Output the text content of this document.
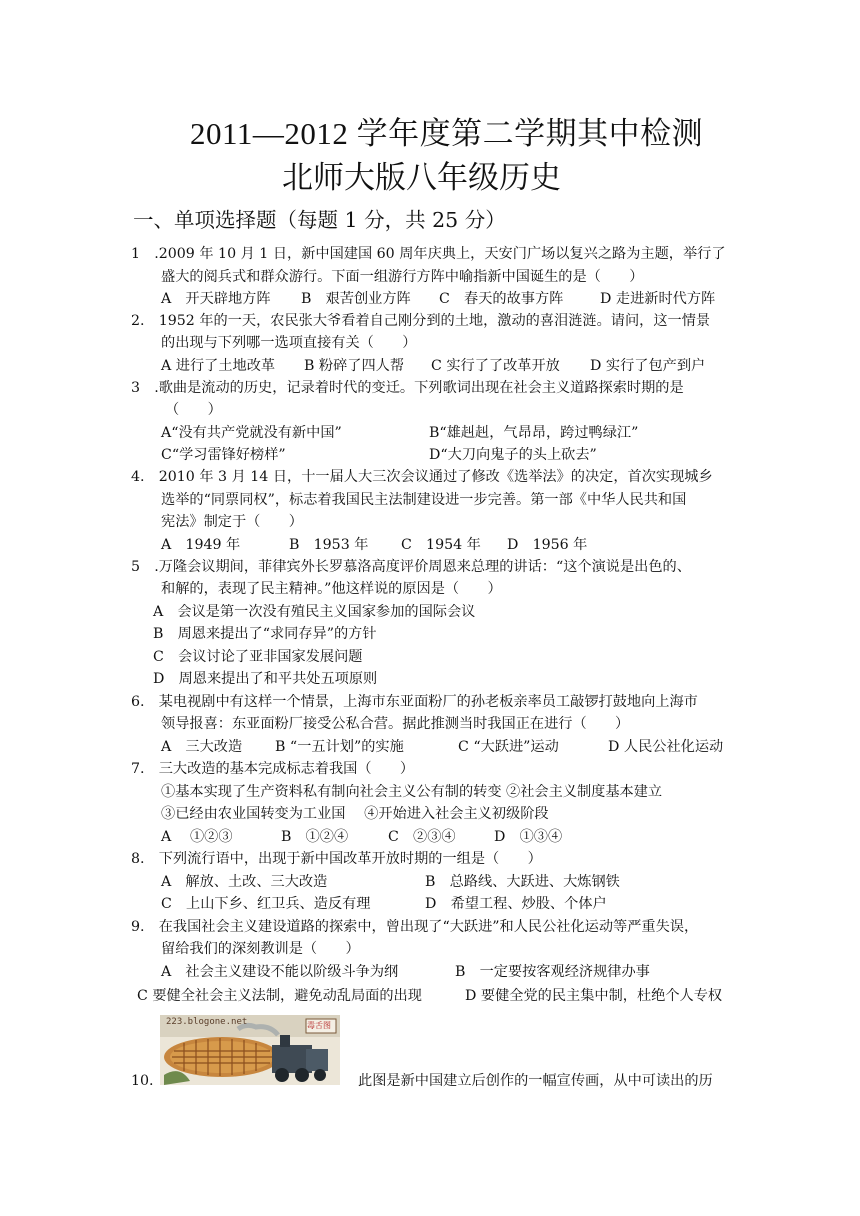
2011—2012 学年度第二学期其中检测
北师大版八年级历史
一、单项选择题（每题 1 分，共 25 分）
1　.2009 年 10 月 1 日，新中国建国 60 周年庆典上，天安门广场以复兴之路为主题，举行了
盛大的阅兵式和群众游行。下面一组游行方阵中喻指新中国诞生的是（　　）
A　开天辟地方阵 B　艰苦创业方阵 C　春天的故事方阵	D 走进新时代方阵
2.　1952 年的一天，农民张大爷看着自己刚分到的土地，激动的喜泪涟涟。请问，这一情景
的出现与下列哪一选项直接有关（　　）
A 进行了土地改革 B 粉碎了四人帮 C 实行了了改革开放 D 实行了包产到户
3　.歌曲是流动的历史，记录着时代的变迁。下列歌词出现在社会主义道路探索时期的是
（　　）
A“没有共产党就没有新中国”	B“雄赳赳，气昂昂，跨过鸭绿江”
C“学习雷锋好榜样”	D“大刀向鬼子的头上砍去”
4.　2010 年 3 月 14 日，十一届人大三次会议通过了修改《选举法》的决定，首次实现城乡
选举的“同票同权”，标志着我国民主法制建设进一步完善。第一部《中华人民共和国
宪法》制定于（　　）
A　1949 年	B　1953 年 C　1954 年 D　1956 年
5　.万隆会议期间，菲律宾外长罗慕洛高度评价周恩来总理的讲话：“这个演说是出色的、
和解的，表现了民主精神。”他这样说的原因是（　　）
A　会议是第一次没有殖民主义国家参加的国际会议
B　周恩来提出了“求同存异”的方针
C　会议讨论了亚非国家发展问题
D　周恩来提出了和平共处五项原则
6.　某电视剧中有这样一个情景，上海市东亚面粉厂的孙老板亲率员工敲锣打鼓地向上海市
领导报喜：东亚面粉厂接受公私合营。据此推测当时我国正在进行（　　）
A　三大改造 B “一五计划”的实施	C “大跃进”运动	D 人民公社化运动
7.　三大改造的基本完成标志着我国（　　）
①基本实现了生产资料私有制向社会主义公有制的转变 ②社会主义制度基本建立
③已经由农业国转变为工业国　 ④开始进入社会主义初级阶段
A　 ①②③	B　①②④	C　②③④	D　①③④
8.　下列流行语中，出现于新中国改革开放时期的一组是（　　）
A　解放、土改、三大改造	B　总路线、大跃进、大炼钢铁
C　上山下乡、红卫兵、造反有理	D　希望工程、炒股、个体户
9.　在我国社会主义建设道路的探索中，曾出现了“大跃进”和人民公社化运动等严重失误，
留给我们的深刻教训是（　　）
A　社会主义建设不能以阶级斗争为纲	B　一定要按客观经济规律办事
C 要健全社会主义法制，避免动乱局面的出现	D 要健全党的民主集中制，杜绝个人专权
10.
223.blogone.net	毒舌图
此图是新中国建立后创作的一幅宣传画，从中可读出的历
